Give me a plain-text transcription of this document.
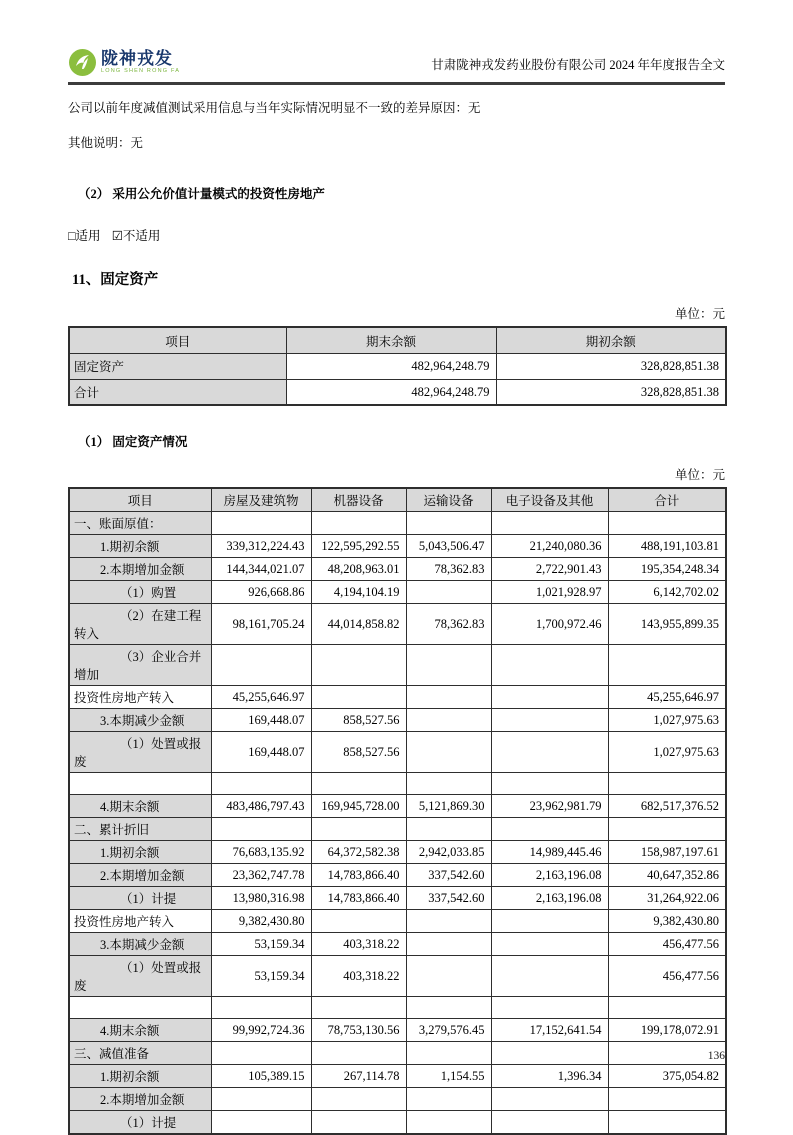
陇神戎发
LONG SHEN RONG FA	甘肃陇神戎发药业股份有限公司 2024 年年度报告全文

公司以前年度减值测试采用信息与当年实际情况明显不一致的差异原因：无

其他说明：无

（2） 采用公允价值计量模式的投资性房地产

□适用 ☑不适用

11、固定资产
单位：元
项目	期末余额	期初余额
固定资产	482,964,248.79	328,828,851.38
合计	482,964,248.79	328,828,851.38
（1） 固定资产情况
单位：元
项目	房屋及建筑物	机器设备	运输设备	电子设备及其他	合计
一、账面原值：					
1.期初余额	339,312,224.43	122,595,292.55	5,043,506.47	21,240,080.36	488,191,103.81
2.本期增加金额	144,344,021.07	48,208,963.01	78,362.83	2,722,901.43	195,354,248.34
（1）购置	926,668.86	4,194,104.19		1,021,928.97	6,142,702.02
（2）在建工程转入	98,161,705.24	44,014,858.82	78,362.83	1,700,972.46	143,955,899.35
（3）企业合并增加					
投资性房地产转入	45,255,646.97				45,255,646.97
3.本期减少金额	169,448.07	858,527.56			1,027,975.63
（1）处置或报废	169,448.07	858,527.56			1,027,975.63

4.期末余额	483,486,797.43	169,945,728.00	5,121,869.30	23,962,981.79	682,517,376.52
二、累计折旧					
1.期初余额	76,683,135.92	64,372,582.38	2,942,033.85	14,989,445.46	158,987,197.61
2.本期增加金额	23,362,747.78	14,783,866.40	337,542.60	2,163,196.08	40,647,352.86
（1）计提	13,980,316.98	14,783,866.40	337,542.60	2,163,196.08	31,264,922.06
投资性房地产转入	9,382,430.80				9,382,430.80
3.本期减少金额	53,159.34	403,318.22			456,477.56
（1）处置或报废	53,159.34	403,318.22			456,477.56

4.期末余额	99,992,724.36	78,753,130.56	3,279,576.45	17,152,641.54	199,178,072.91
三、减值准备					
1.期初余额	105,389.15	267,114.78	1,154.55	1,396.34	375,054.82
2.本期增加金额					
（1）计提					
136
